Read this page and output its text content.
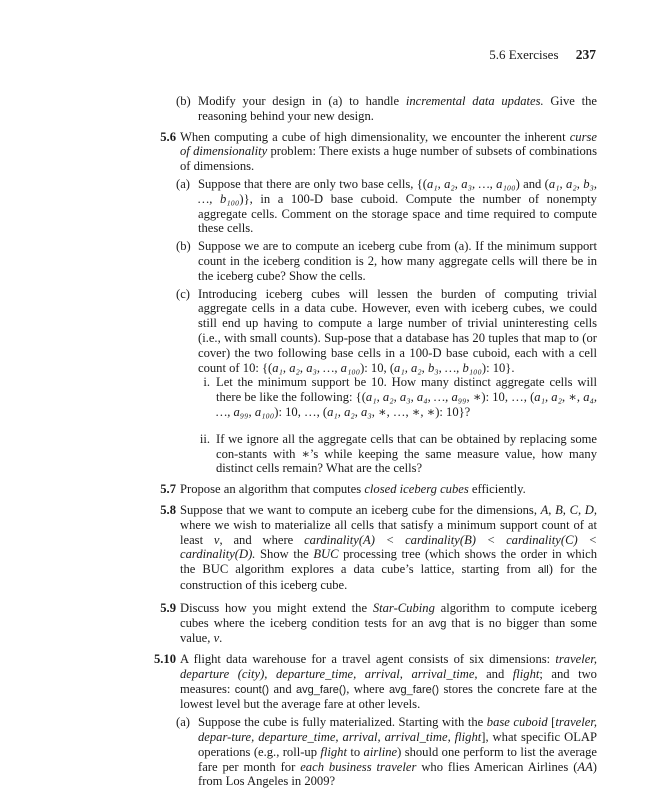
5.6 Exercises 237
(b) Modify your design in (a) to handle incremental data updates. Give the reasoning behind your new design.
5.6 When computing a cube of high dimensionality, we encounter the inherent curse of dimensionality problem: There exists a huge number of subsets of combinations of dimensions.
(a) Suppose that there are only two base cells, {(a₁, a₂, a₃, …, a₁₀₀) and (a₁, a₂, b₃, …, b₁₀₀)}, in a 100-D base cuboid. Compute the number of nonempty aggregate cells. Comment on the storage space and time required to compute these cells.
(b) Suppose we are to compute an iceberg cube from (a). If the minimum support count in the iceberg condition is 2, how many aggregate cells will there be in the iceberg cube? Show the cells.
(c) Introducing iceberg cubes will lessen the burden of computing trivial aggregate cells in a data cube. However, even with iceberg cubes, we could still end up having to compute a large number of trivial uninteresting cells (i.e., with small counts). Sup-pose that a database has 20 tuples that map to (or cover) the two following base cells in a 100-D base cuboid, each with a cell count of 10: {(a₁, a₂, a₃, …, a₁₀₀): 10, (a₁, a₂, b₃, …, b₁₀₀): 10}.
i. Let the minimum support be 10. How many distinct aggregate cells will there be like the following: {(a₁, a₂, a₃, a₄, …, a₉₉, ∗): 10, …, (a₁, a₂, ∗, a₄, …, a₉₉, a₁₀₀): 10, …, (a₁, a₂, a₃, ∗, …, ∗, ∗): 10}?
ii. If we ignore all the aggregate cells that can be obtained by replacing some con-stants with ∗’s while keeping the same measure value, how many distinct cells remain? What are the cells?
5.7 Propose an algorithm that computes closed iceberg cubes efficiently.
5.8 Suppose that we want to compute an iceberg cube for the dimensions, A, B, C, D, where we wish to materialize all cells that satisfy a minimum support count of at least v, and where cardinality(A) < cardinality(B) < cardinality(C) < cardinality(D). Show the BUC processing tree (which shows the order in which the BUC algorithm explores a data cube’s lattice, starting from all) for the construction of this iceberg cube.
5.9 Discuss how you might extend the Star-Cubing algorithm to compute iceberg cubes where the iceberg condition tests for an avg that is no bigger than some value, v.
5.10 A flight data warehouse for a travel agent consists of six dimensions: traveler, departure (city), departure_time, arrival, arrival_time, and flight; and two measures: count() and avg_fare(), where avg_fare() stores the concrete fare at the lowest level but the average fare at other levels.
(a) Suppose the cube is fully materialized. Starting with the base cuboid [traveler, depar-ture, departure_time, arrival, arrival_time, flight], what specific OLAP operations (e.g., roll-up flight to airline) should one perform to list the average fare per month for each business traveler who flies American Airlines (AA) from Los Angeles in 2009?
